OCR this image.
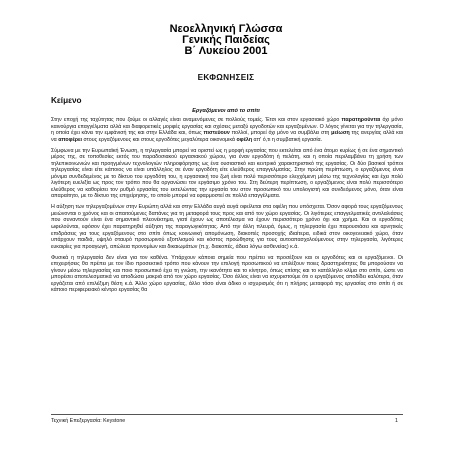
Νεοελληνική Γλώσσα
Γενικής Παιδείας
Β΄ Λυκείου 2001
ΕΚΦΩΝΗΣΕΙΣ
Κείμενο
Εργαζόμενοι από το σπίτι

Στην εποχή της ταχύτητας που ζούμε οι αλλαγές είναι αναμενόμενες σε πολλούς τομείς. Έτσι και στον εργασιακό χώρο παρατηρούνται όχι μόνο καινούργια επαγγέλματα αλλά και διαφορετικές μορφές εργασίας και σχέσεις μεταξύ εργοδοτών και εργαζομένων. Ο λόγος γίνεται για την τηλεργασία, η οποία έχει κάνει την εμφάνισή της και στην Ελλάδα και, όπως πιστεύουν πολλοί, μπορεί όχι μόνο να συμβάλει στη μείωση της ανεργίας αλλά και να αποφέρει στους εργαζόμενους και στους εργοδότες μεγαλύτερα οικονομικά οφέλη απ' ό,τι η συμβατική εργασία.

Σύμφωνα με την Ευρωπαϊκή Ένωση, η τηλεργασία μπορεί να οριστεί ως η μορφή εργασίας που εκτελείται από ένα άτομο κυρίως ή σε ένα σημαντικό μέρος της, σε τοποθεσίες εκτός του παραδοσιακού εργασιακού χώρου, για έναν εργοδότη ή πελάτη, και η οποία περιλαμβάνει τη χρήση των τηλεπικοινωνιών και προηγμένων τεχνολογιών πληροφόρησης ως ένα ουσιαστικό και κεντρικό χαρακτηριστικό της εργασίας. Οι δύο βασικοί τρόποι τηλεργασίας είναι είτε κάποιος να είναι υπάλληλος σε έναν εργοδότη είτε ελεύθερος επαγγελματίας. Στην πρώτη περίπτωση, ο εργαζόμενος είναι μόνιμα συνδεδεμένος με το δίκτυο του εργοδότη του, η εργασιακή του ζωή είναι πολύ περισσότερο ελεγχόμενη μέσω της τεχνολογίας και έχει πολύ λιγότερη ευελιξία ως προς τον τρόπο που θα οργανώσει τον εργάσιμο χρόνο του. Στη δεύτερη περίπτωση, ο εργαζόμενος είναι πολύ περισσότερο ελεύθερος να καθορίσει τον ρυθμό εργασίας του εκτελώντας την εργασία του στον προσωπικό του υπολογιστή και συνδεόμενος μόνο, όταν είναι απαραίτητο, με το δίκτυο της επιχείρησης, το οποίο μπορεί να εφαρμοστεί σε πολλά επαγγέλματα.

Η αύξηση των τηλεργαζομένων στην Ευρώπη αλλά και στην Ελλάδα αυγά αυγά οφείλεται στα οφέλη που υπόσχεται. Όσον αφορά τους εργαζόμενους μειώνονται ο χρόνος και οι απαιτούμενες δαπάνες για τη μεταφορά τους προς και από τον χώρο εργασίας. Οι λιγότερες επαγγελματικές αντιλαλιάσεις που συναντούν είναι ένα σημαντικό πλεονέκτημα, γιατί έχουν ως αποτέλεσμα να έχουν περισσότερο χρόνο όχι και χρήμα. Και οι εργοδότες ωφελούνται, εφόσον έχει παρατηρηθεί αύξηση της παραγωγικότητας. Από την άλλη πλευρά, όμως, η τηλεργασία έχει παρουσιάσει και αρνητικές επιδράσεις για τους εργαζόμενους στο σπίτι όπως κοινωνική απομόνωση, διακοπές προσοχής ιδιαίτερα, ειδικά στον οικογενειακό χώρο, όταν υπάρχουν παιδιά, υψηλό σταυρό προσωρινού εξοπλισμού και κόστος προώθησης για τους αυτοαπασχολούμενους στην τηλεργασία, λιγότερες ευκαιρίες για προαγωγή, απώλεια προνομίων και δικαιωμάτων (π.χ. διακοπές, άδεια λόγω ασθενείας) κ.ά.

Φυσικά η τηλεργασία δεν είναι για τον καθένα. Υπάρχουν κάποια σημεία που πρέπει να προσέξουν και οι εργοδότες και οι εργαζόμενοι. Οι επιχειρήσεις θα πρέπει με τον ίδιο προσεκτικό τρόπο που κάνουν την επιλογή προσωπικού να επιλέξουν ποιες δραστηριότητες θα μπορούσαν να γίνουν μέσω τηλεργασίας και ποιο προσωπικό έχει τη γνώση, την ικανότητα και το κίνητρο, όπως επίσης και το κατάλληλο κλίμα στο σπίτι, ώστε να μπορέσει αποτελεσματικά να αποδώσει μακριά από τον χώρο εργασίας. Όσο άλλος είναι να ισχυριστούμε ότι ο εργαζόμενος αποδίδει καλύτερα, όταν εργάζεται από επιλέξιμη θέση κ.ά. Άλλο χώρο εργασίας, άλλο τόσο είναι άδικο ο ισχυρισμός ότι η πλήρης μεταφορά της εργασίας στο σπίτι ή σε κάποιο περιφερειακό κέντρο εργασίας θα

Τεχνική Επεξεργασία: Keystone	1
